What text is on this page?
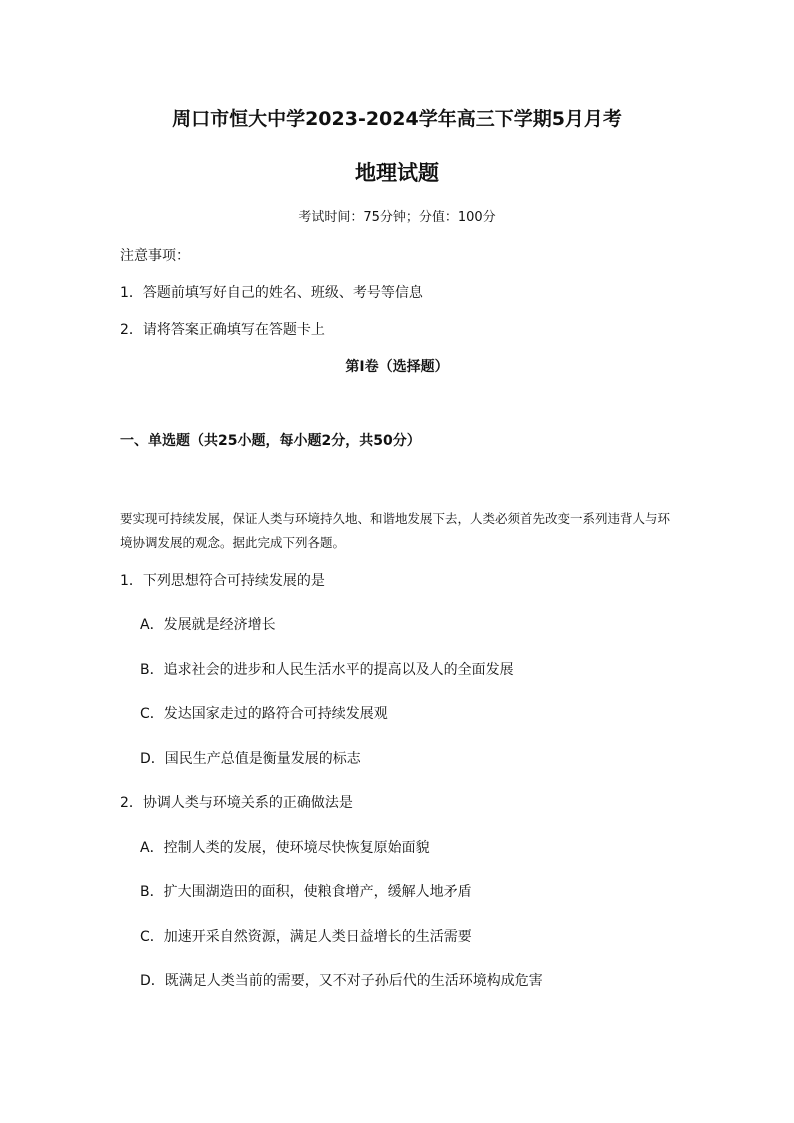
周口市恒大中学2023-2024学年高三下学期5月月考
地理试题
考试时间：75分钟；分值：100分
注意事项：
1．答题前填写好自己的姓名、班级、考号等信息
2．请将答案正确填写在答题卡上
第I卷（选择题）
一、单选题（共25小题，每小题2分，共50分）
要实现可持续发展，保证人类与环境持久地、和谐地发展下去，人类必须首先改变一系列违背人与环境协调发展的观念。据此完成下列各题。
1．下列思想符合可持续发展的是
A．发展就是经济增长
B．追求社会的进步和人民生活水平的提高以及人的全面发展
C．发达国家走过的路符合可持续发展观
D．国民生产总值是衡量发展的标志
2．协调人类与环境关系的正确做法是
A．控制人类的发展，使环境尽快恢复原始面貌
B．扩大围湖造田的面积，使粮食增产，缓解人地矛盾
C．加速开采自然资源，满足人类日益增长的生活需要
D．既满足人类当前的需要，又不对子孙后代的生活环境构成危害
